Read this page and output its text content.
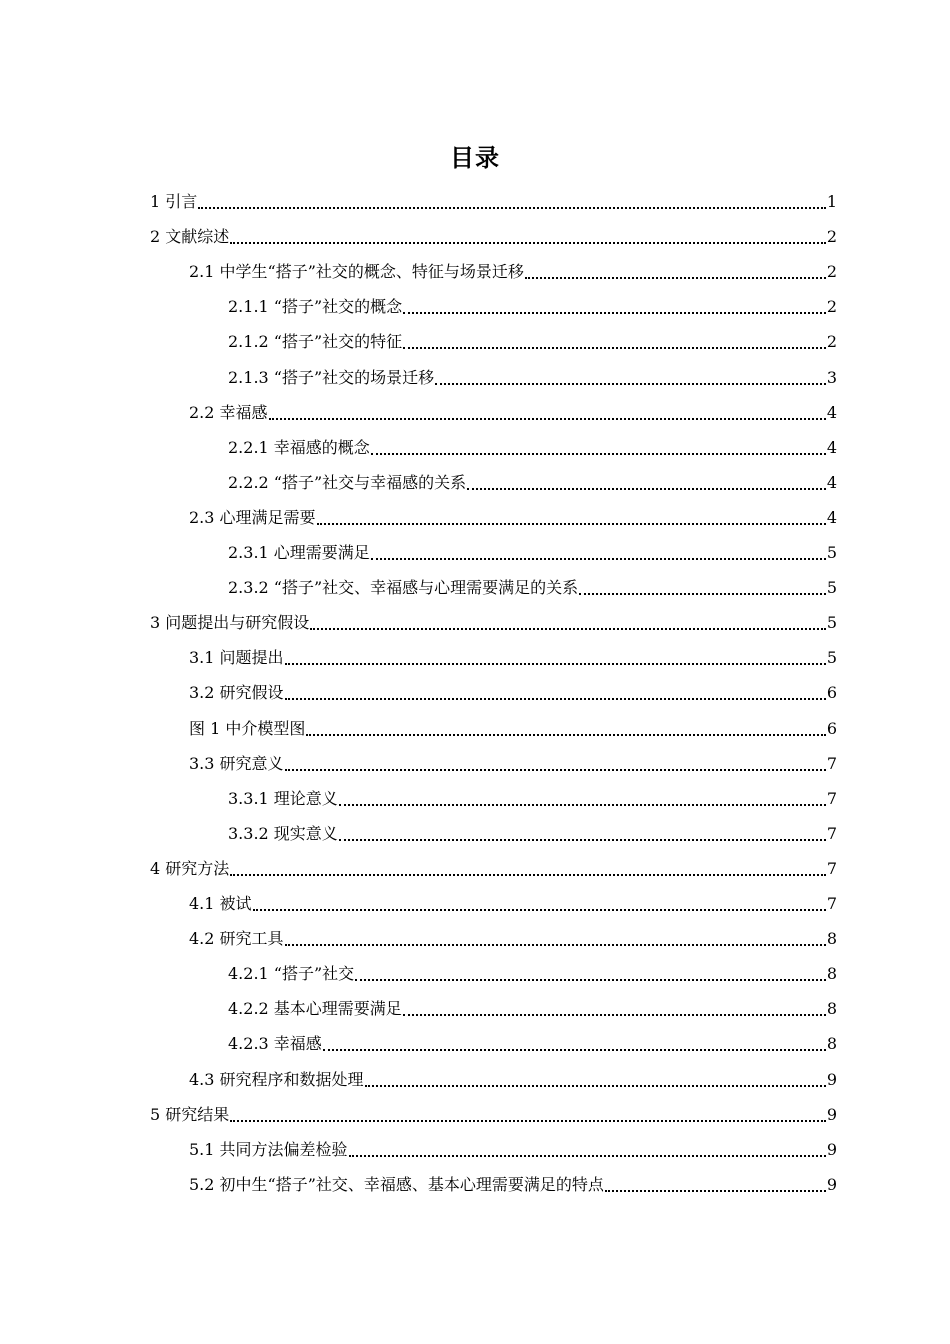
目录
1 引言	1
2 文献综述	2
2.1 中学生“搭子”社交的概念、特征与场景迁移	2
2.1.1 “搭子”社交的概念	2
2.1.2 “搭子”社交的特征	2
2.1.3 “搭子”社交的场景迁移	3
2.2 幸福感	4
2.2.1 幸福感的概念	4
2.2.2 “搭子”社交与幸福感的关系	4
2.3 心理满足需要	4
2.3.1 心理需要满足	5
2.3.2 “搭子”社交、幸福感与心理需要满足的关系	5
3 问题提出与研究假设	5
3.1 问题提出	5
3.2 研究假设	6
图 1 中介模型图	6
3.3 研究意义	7
3.3.1 理论意义	7
3.3.2 现实意义	7
4 研究方法	7
4.1 被试	7
4.2 研究工具	8
4.2.1 “搭子”社交	8
4.2.2 基本心理需要满足	8
4.2.3 幸福感	8
4.3 研究程序和数据处理	9
5 研究结果	9
5.1 共同方法偏差检验	9
5.2 初中生“搭子”社交、幸福感、基本心理需要满足的特点	9
